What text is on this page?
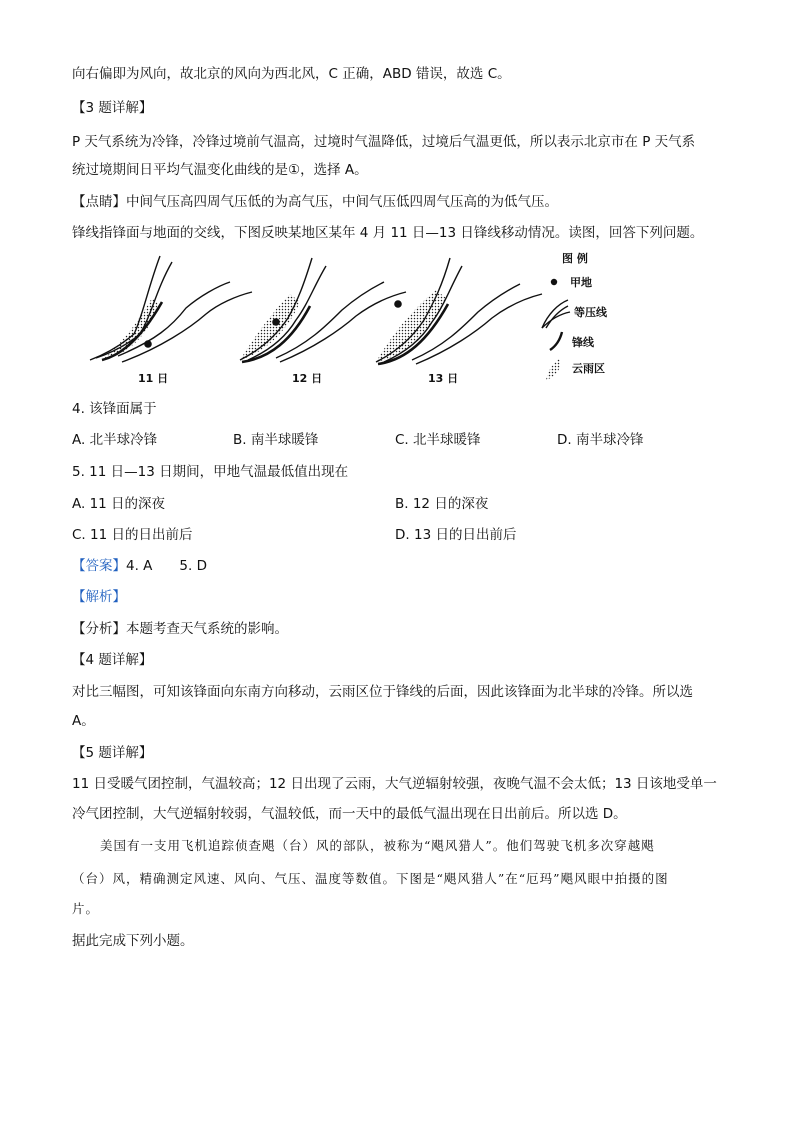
向右偏即为风向，故北京的风向为西北风，C 正确，ABD 错误，故选 C。
【3 题详解】
P 天气系统为冷锋，冷锋过境前气温高，过境时气温降低，过境后气温更低，所以表示北京市在 P 天气系
统过境期间日平均气温变化曲线的是①，选择 A。
【点睛】中间气压高四周气压低的为高气压，中间气压低四周气压高的为低气压。
锋线指锋面与地面的交线，下图反映某地区某年 4 月 11 日—13 日锋线移动情况。读图，回答下列问题。
11 日	12 日	13 日
图 例
甲地
等压线
锋线
云雨区
4. 该锋面属于
A. 北半球冷锋	B. 南半球暖锋	C. 北半球暖锋	D. 南半球冷锋
5. 11 日—13 日期间，甲地气温最低值出现在
A. 11 日的深夜	B. 12 日的深夜
C. 11 日的日出前后	D. 13 日的日出前后
【答案】4. A　　5. D
【解析】
【分析】本题考查天气系统的影响。
【4 题详解】
对比三幅图，可知该锋面向东南方向移动，云雨区位于锋线的后面，因此该锋面为北半球的冷锋。所以选
A。
【5 题详解】
11 日受暖气团控制，气温较高；12 日出现了云雨，大气逆辐射较强，夜晚气温不会太低；13 日该地受单一
冷气团控制，大气逆辐射较弱，气温较低，而一天中的最低气温出现在日出前后。所以选 D。
美国有一支用飞机追踪侦查飓（台）风的部队，被称为“飓风猎人”。他们驾驶飞机多次穿越飓
（台）风，精确测定风速、风向、气压、温度等数值。下图是“飓风猎人”在“厄玛”飓风眼中拍摄的图
片。
据此完成下列小题。
